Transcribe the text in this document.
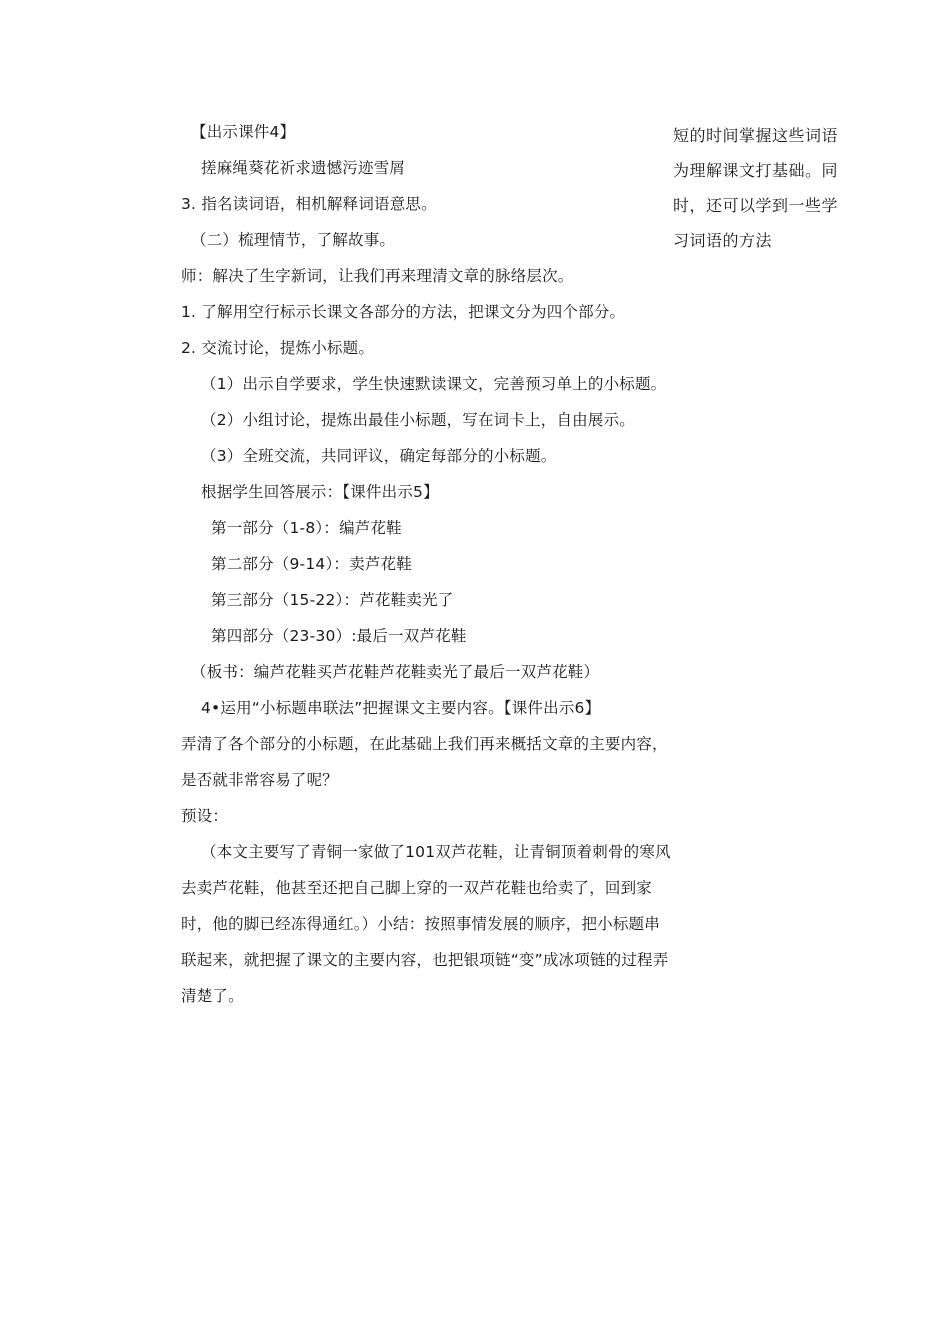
【出示课件4】
搓麻绳葵花祈求遗憾污迹雪屑
3. 指名读词语，相机解释词语意思。
（二）梳理情节，了解故事。
师：解决了生字新词，让我们再来理清文章的脉络层次。
1. 了解用空行标示长课文各部分的方法，把课文分为四个部分。
2. 交流讨论，提炼小标题。
（1）出示自学要求，学生快速默读课文，完善预习单上的小标题。
（2）小组讨论，提炼出最佳小标题，写在词卡上，自由展示。
（3）全班交流，共同评议，确定每部分的小标题。
根据学生回答展示：【课件出示5】
第一部分（1-8）：编芦花鞋
第二部分（9-14）：卖芦花鞋
第三部分（15-22）：芦花鞋卖光了
第四部分（23-30）:最后一双芦花鞋
（板书：编芦花鞋买芦花鞋芦花鞋卖光了最后一双芦花鞋）
4•运用“小标题串联法”把握课文主要内容。【课件出示6】
弄清了各个部分的小标题，在此基础上我们再来概括文章的主要内容，是否就非常容易了呢？
预设：
（本文主要写了青铜一家做了101双芦花鞋，让青铜顶着刺骨的寒风去卖芦花鞋，他甚至还把自己脚上穿的一双芦花鞋也给卖了，回到家时，他的脚已经冻得通红。）小结：按照事情发展的顺序，把小标题串联起来，就把握了课文的主要内容，也把银项链“变”成冰项链的过程弄清楚了。
短的时间掌握这些词语
为理解课文打基础。同
时，还可以学到一些学
习词语的方法
